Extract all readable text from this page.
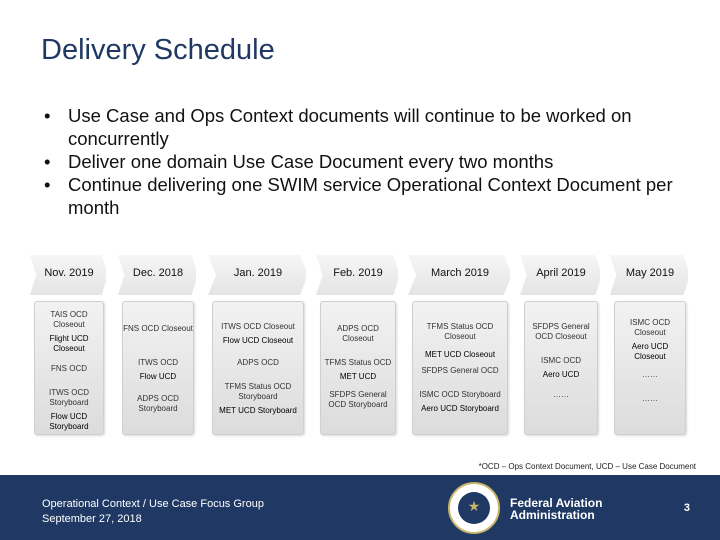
Delivery Schedule
• Use Case and Ops Context documents will continue to be worked on concurrently
• Deliver one domain Use Case Document every two months
• Continue delivering one SWIM service Operational Context Document per month
Nov. 2019
TAIS OCD Closeout
Flight UCD Closeout
FNS OCD
ITWS OCD Storyboard
Flow UCD Storyboard
Dec. 2018
FNS OCD Closeout
ITWS OCD
Flow UCD
ADPS OCD Storyboard
Jan. 2019
ITWS OCD Closeout
Flow UCD Closeout
ADPS OCD
TFMS Status OCD Storyboard
MET UCD Storyboard
Feb. 2019
ADPS OCD Closeout
TFMS Status OCD
MET UCD
SFDPS General OCD Storyboard
March 2019
TFMS Status OCD Closeout
MET UCD Closeout
SFDPS General OCD
ISMC OCD Storyboard
Aero UCD Storyboard
April 2019
SFDPS General OCD Closeout
ISMC OCD
Aero UCD
……
May 2019
ISMC OCD Closeout
Aero UCD Closeout
……
……
*OCD – Ops Context Document, UCD – Use Case Document
Operational Context / Use Case Focus Group
September 27, 2018
★	Federal Aviation
Administration	3
